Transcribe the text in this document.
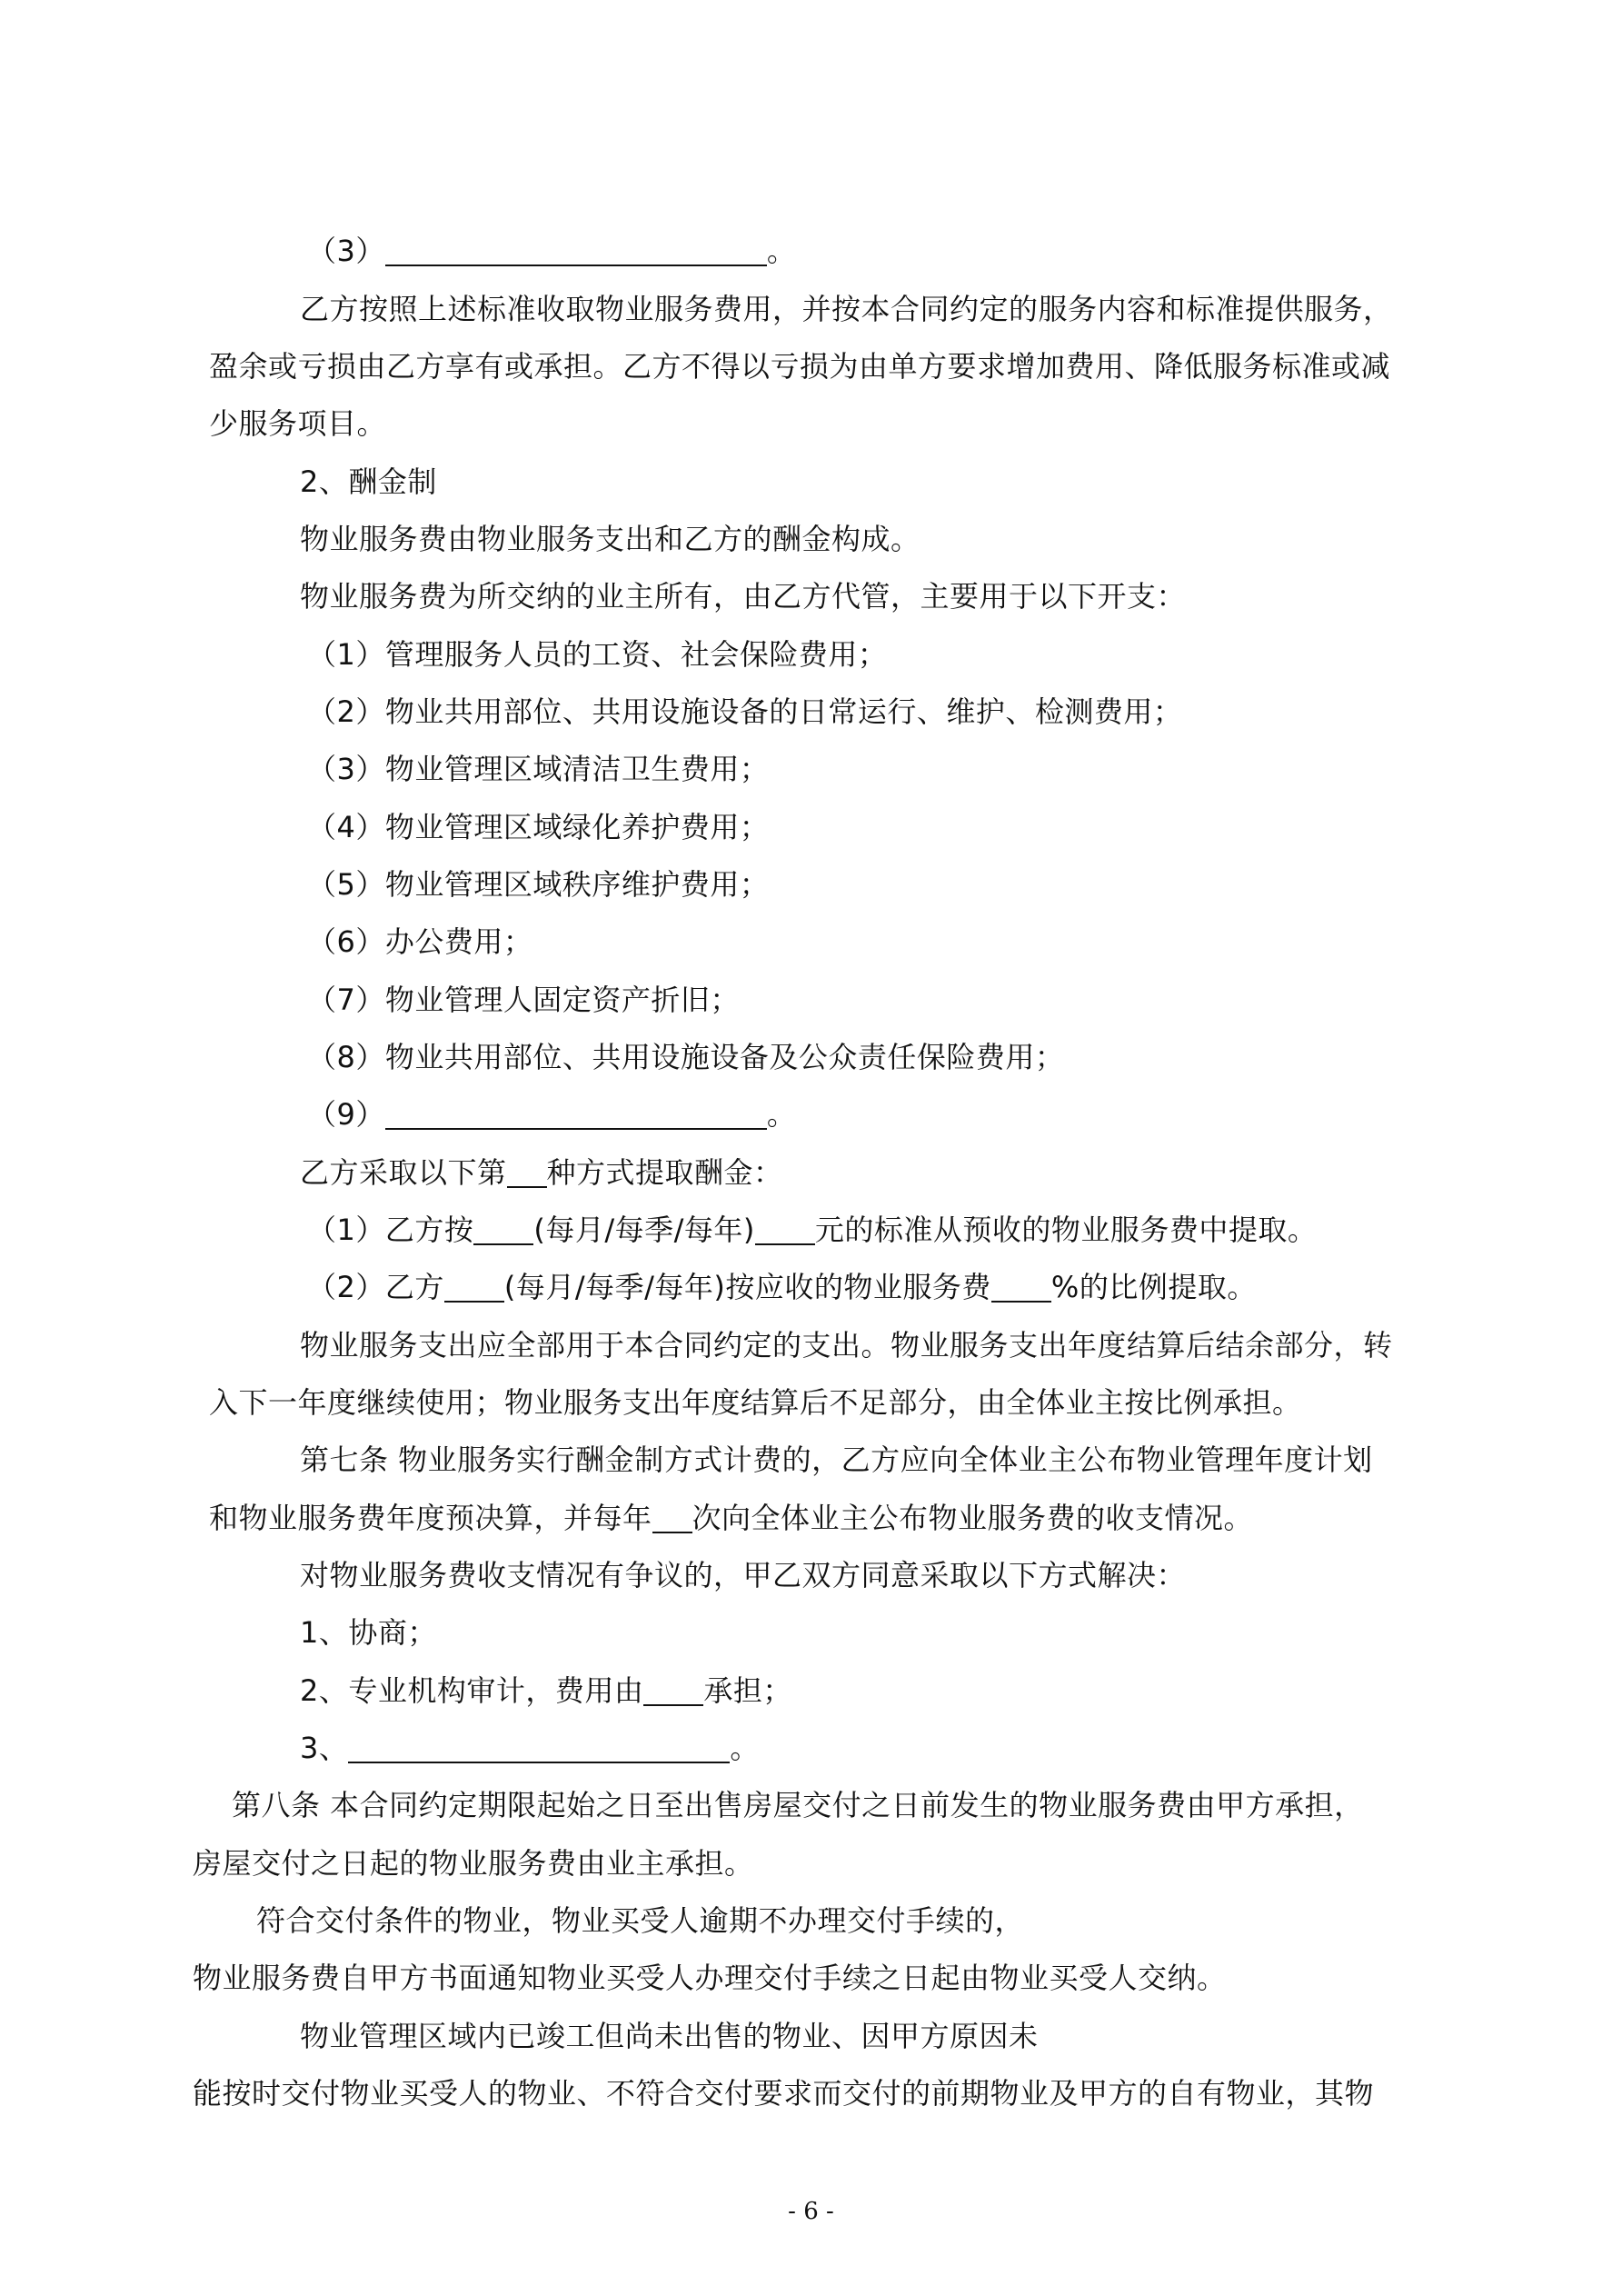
（3）	。
乙方按照上述标准收取物业服务费用，并按本合同约定的服务内容和标准提供服务，
盈余或亏损由乙方享有或承担。乙方不得以亏损为由单方要求增加费用、降低服务标准或减
少服务项目。
2、酬金制
物业服务费由物业服务支出和乙方的酬金构成。
物业服务费为所交纳的业主所有，由乙方代管，主要用于以下开支：
（1）管理服务人员的工资、社会保险费用；
（2）物业共用部位、共用设施设备的日常运行、维护、检测费用；
（3）物业管理区域清洁卫生费用；
（4）物业管理区域绿化养护费用；
（5）物业管理区域秩序维护费用；
（6）办公费用；
（7）物业管理人固定资产折旧；
（8）物业共用部位、共用设施设备及公众责任保险费用；
（9）	。
乙方采取以下第 种方式提取酬金：
（1）乙方按 (每月/每季/每年) 元的标准从预收的物业服务费中提取。
（2）乙方 (每月/每季/每年)按应收的物业服务费 %的比例提取。
物业服务支出应全部用于本合同约定的支出。物业服务支出年度结算后结余部分，转
入下一年度继续使用；物业服务支出年度结算后不足部分，由全体业主按比例承担。
第七条 物业服务实行酬金制方式计费的，乙方应向全体业主公布物业管理年度计划
和物业服务费年度预决算，并每年 次向全体业主公布物业服务费的收支情况。
对物业服务费收支情况有争议的，甲乙双方同意采取以下方式解决：
1、协商；
2、专业机构审计，费用由 承担；
3、	。
第八条 本合同约定期限起始之日至出售房屋交付之日前发生的物业服务费由甲方承担，
房屋交付之日起的物业服务费由业主承担。
符合交付条件的物业，物业买受人逾期不办理交付手续的，
物业服务费自甲方书面通知物业买受人办理交付手续之日起由物业买受人交纳。
物业管理区域内已竣工但尚未出售的物业、因甲方原因未
能按时交付物业买受人的物业、不符合交付要求而交付的前期物业及甲方的自有物业，其物
- 6 -
